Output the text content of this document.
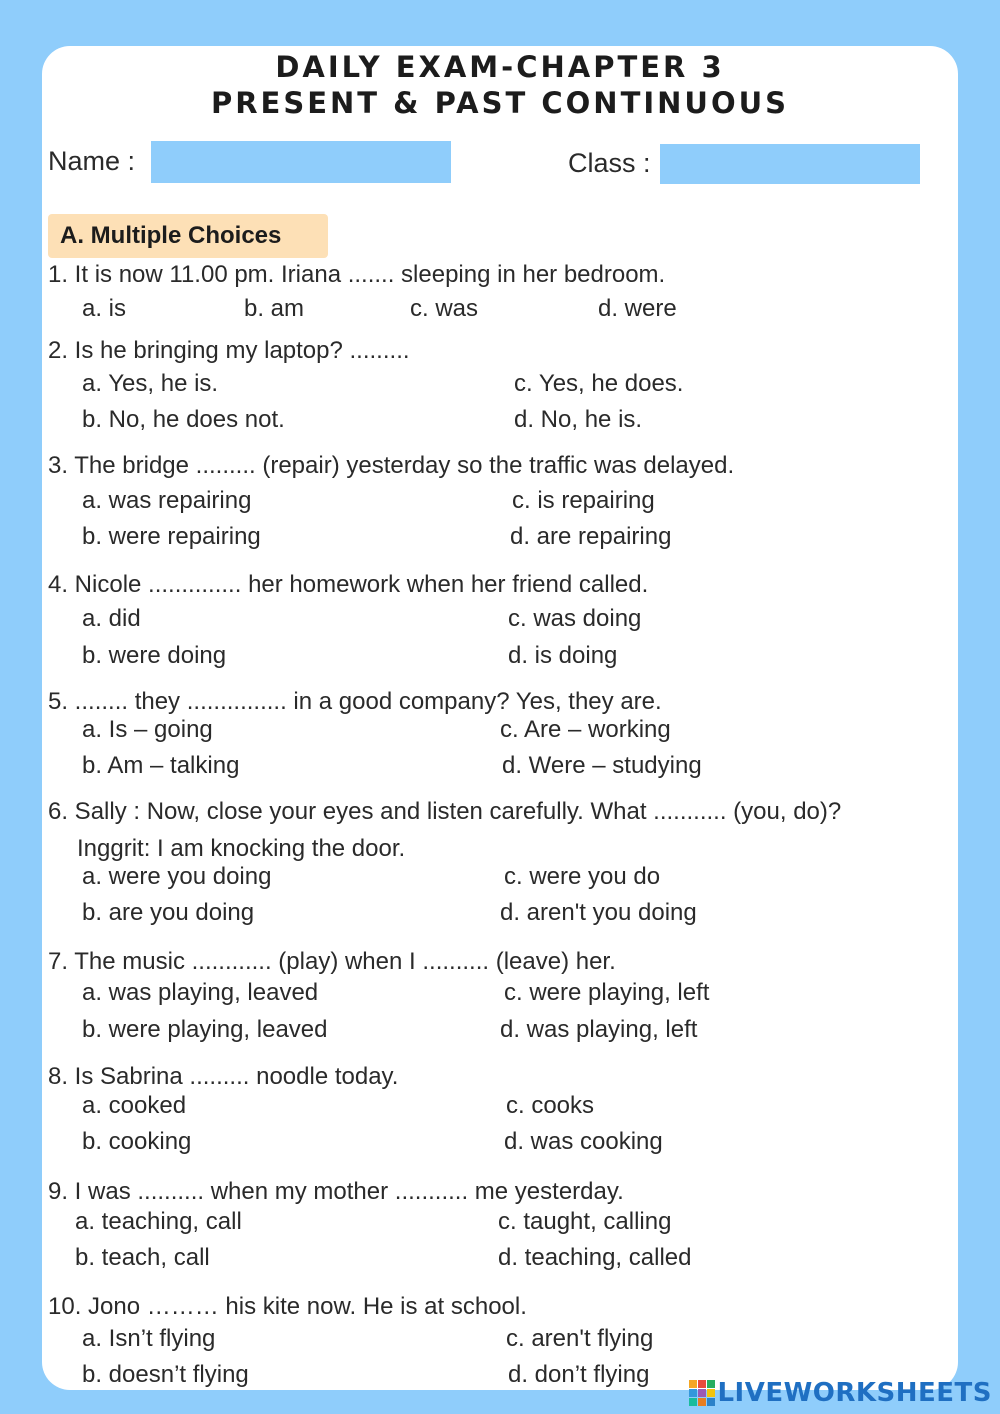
DAILY EXAM-CHAPTER 3
PRESENT & PAST CONTINUOUS
Name :	Class :
A. Multiple Choices
1. It is now 11.00 pm. Iriana ....... sleeping in her bedroom.
a. is	b. am	c. was	d. were
2. Is he bringing my laptop? .........
a. Yes, he is.
b. No, he does not.
c. Yes, he does.
d. No, he is.
3. The bridge ......... (repair) yesterday so the traffic was delayed.
a. was repairing
b. were repairing
c. is repairing
d. are repairing
4. Nicole .............. her homework when her friend called.
a. did
b. were doing
c. was doing
d. is doing
5. ........ they ............... in a good company? Yes, they are.
a. Is – going
b. Am – talking
c. Are – working
d. Were – studying
6. Sally : Now, close your eyes and listen carefully. What ........... (you, do)?
Inggrit: I am knocking the door.
a. were you doing
b. are you doing
c. were you do
d. aren't you doing
7. The music ............ (play) when I .......... (leave) her.
a. was playing, leaved
b. were playing, leaved
c. were playing, left
d. was playing, left
8. Is Sabrina ......... noodle today.
a. cooked
b. cooking
c. cooks
d. was cooking
9. I was .......... when my mother ........... me yesterday.
a. teaching, call
b. teach, call
c. taught, calling
d. teaching, called
10. Jono ……… his kite now. He is at school.
a. Isn’t flying
b. doesn’t flying
c. aren't flying
d. don’t flying
LIVEWORKSHEETS
